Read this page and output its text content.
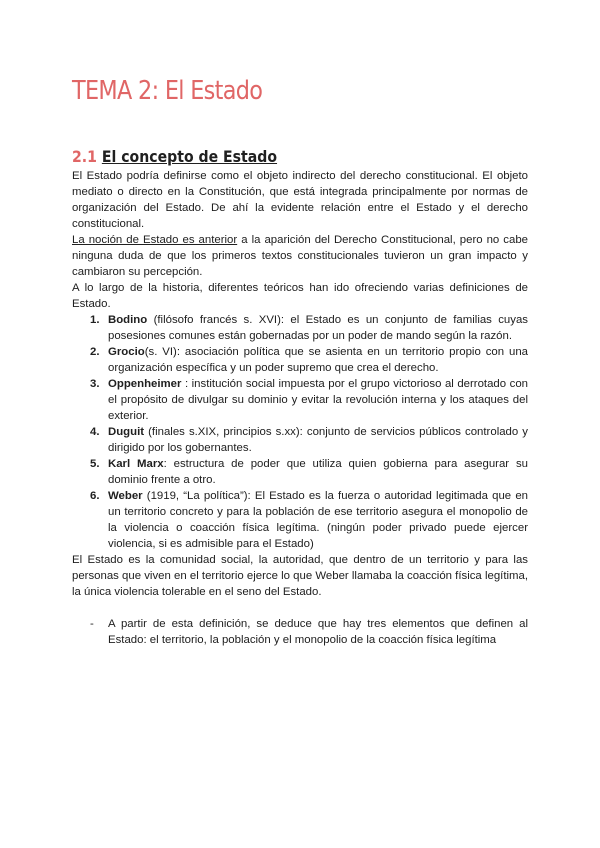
TEMA 2: El Estado
2.1 El concepto de Estado

El Estado podría definirse como el objeto indirecto del derecho constitucional. El objeto mediato o directo en la Constitución, que está integrada principalmente por normas de organización del Estado. De ahí la evidente relación entre el Estado y el derecho constitucional.

La noción de Estado es anterior a la aparición del Derecho Constitucional, pero no cabe ninguna duda de que los primeros textos constitucionales tuvieron un gran impacto y cambiaron su percepción.

A lo largo de la historia, diferentes teóricos han ido ofreciendo varias definiciones de Estado.

1. Bodino (filósofo francés s. XVI): el Estado es un conjunto de familias cuyas posesiones comunes están gobernadas por un poder de mando según la razón.
2. Grocio(s. VI): asociación política que se asienta en un territorio propio con una organización específica y un poder supremo que crea el derecho.
3. Oppenheimer : institución social impuesta por el grupo victorioso al derrotado con el propósito de divulgar su dominio y evitar la revolución interna y los ataques del exterior.
4. Duguit (finales s.XIX, principios s.xx): conjunto de servicios públicos controlado y dirigido por los gobernantes.
5. Karl Marx: estructura de poder que utiliza quien gobierna para asegurar su dominio frente a otro.
6. Weber (1919, “La política”): El Estado es la fuerza o autoridad legitimada que en un territorio concreto y para la población de ese territorio asegura el monopolio de la violencia o coacción física legítima. (ningún poder privado puede ejercer violencia, si es admisible para el Estado)

El Estado es la comunidad social, la autoridad, que dentro de un territorio y para las personas que viven en el territorio ejerce lo que Weber llamaba la coacción física legítima, la única violencia tolerable en el seno del Estado.

- A partir de esta definición, se deduce que hay tres elementos que definen al Estado: el territorio, la población y el monopolio de la coacción física legítima
